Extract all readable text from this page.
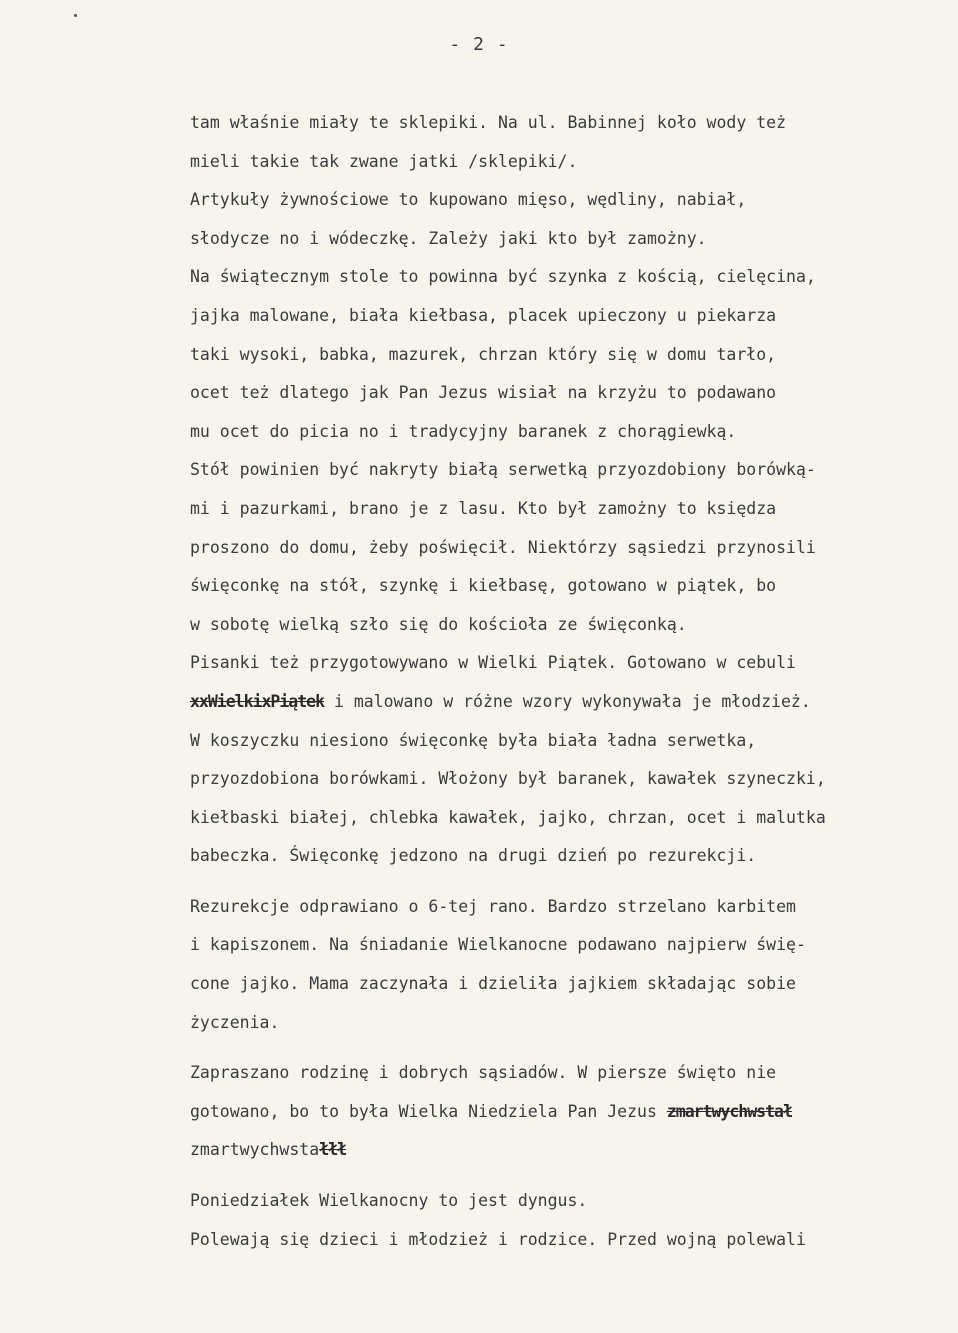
- 2 -
tam właśnie miały te sklepiki. Na ul. Babinnej koło wody też
mieli takie tak zwane jatki /sklepiki/.
Artykuły żywnościowe to kupowano mięso, wędliny, nabiał,
słodycze no i wódeczkę. Zależy jaki kto był zamożny.
Na świątecznym stole to powinna być szynka z kością, cielęcina,
jajka malowane, biała kiełbasa, placek upieczony u piekarza
taki wysoki, babka, mazurek, chrzan który się w domu tarło,
ocet też dlatego jak Pan Jezus wisiał na krzyżu to podawano
mu ocet do picia no i tradycyjny baranek z chorągiewką.
Stół powinien być nakryty białą serwetką przyozdobiony borówką-
mi i pazurkami, brano je z lasu. Kto był zamożny to księdza
proszono do domu, żeby poświęcił. Niektórzy sąsiedzi przynosili
święconkę na stół, szynkę i kiełbasę, gotowano w piątek, bo
w sobotę wielką szło się do kościoła ze święconką.
Pisanki też przygotowywano w Wielki Piątek. Gotowano w cebuli
xxWielkixPiątek i malowano w różne wzory wykonywała je młodzież.
W koszyczku niesiono święconkę była biała ładna serwetka,
przyozdobiona borówkami. Włożony był baranek, kawałek szyneczki,
kiełbaski białej, chlebka kawałek, jajko, chrzan, ocet i malutka
babeczka. Święconkę jedzono na drugi dzień po rezurekcji.
Rezurekcje odprawiano o 6-tej rano. Bardzo strzelano karbitem
i kapiszonem. Na śniadanie Wielkanocne podawano najpierw świę-
cone jajko. Mama zaczynała i dzieliła jajkiem składając sobie
życzenia.
Zapraszano rodzinę i dobrych sąsiadów. W piersze święto nie
gotowano, bo to była Wielka Niedziela Pan Jezus zmartwychwstał
zmartwychwstałłł
Poniedziałek Wielkanocny to jest dyngus.
Polewają się dzieci i młodzież i rodzice. Przed wojną polewali
